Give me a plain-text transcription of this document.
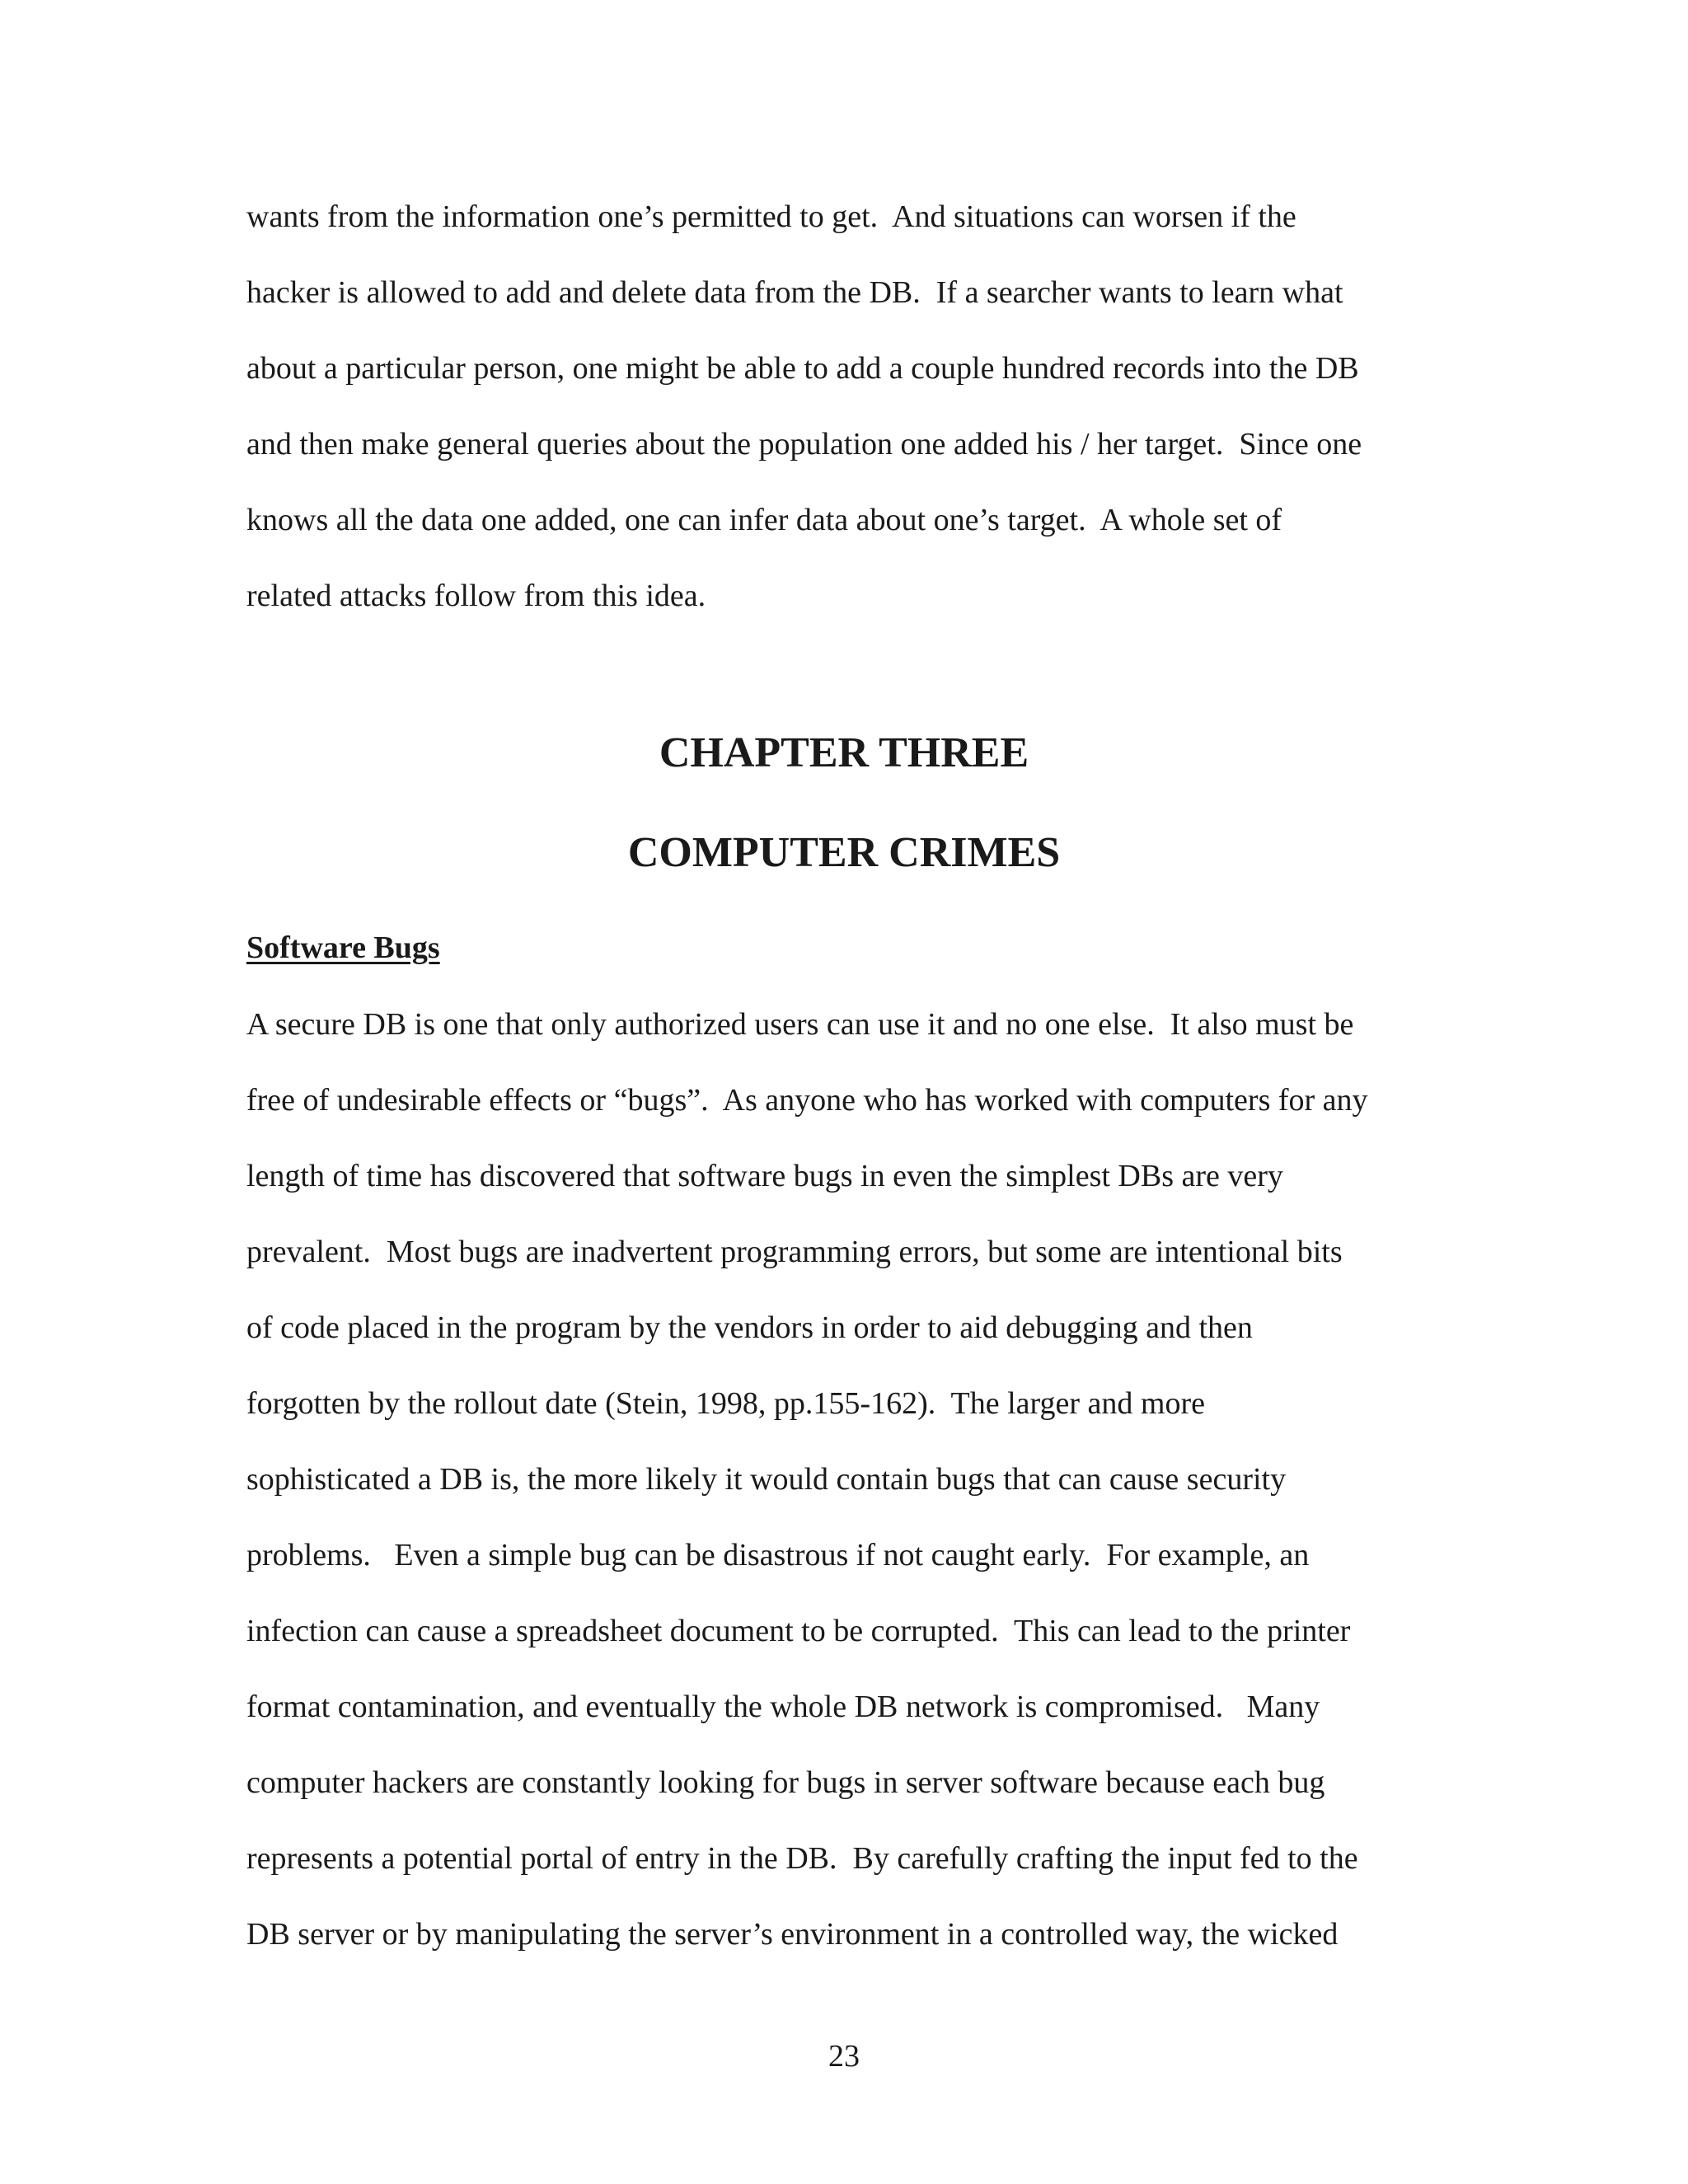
wants from the information one’s permitted to get.  And situations can worsen if the
hacker is allowed to add and delete data from the DB.  If a searcher wants to learn what
about a particular person, one might be able to add a couple hundred records into the DB
and then make general queries about the population one added his / her target.  Since one
knows all the data one added, one can infer data about one’s target.  A whole set of
related attacks follow from this idea.
CHAPTER THREE
COMPUTER CRIMES
Software Bugs
A secure DB is one that only authorized users can use it and no one else.  It also must be
free of undesirable effects or “bugs”.  As anyone who has worked with computers for any
length of time has discovered that software bugs in even the simplest DBs are very
prevalent.  Most bugs are inadvertent programming errors, but some are intentional bits
of code placed in the program by the vendors in order to aid debugging and then
forgotten by the rollout date (Stein, 1998, pp.155-162).  The larger and more
sophisticated a DB is, the more likely it would contain bugs that can cause security
problems.   Even a simple bug can be disastrous if not caught early.  For example, an
infection can cause a spreadsheet document to be corrupted.  This can lead to the printer
format contamination, and eventually the whole DB network is compromised.   Many
computer hackers are constantly looking for bugs in server software because each bug
represents a potential portal of entry in the DB.  By carefully crafting the input fed to the
DB server or by manipulating the server’s environment in a controlled way, the wicked
23
